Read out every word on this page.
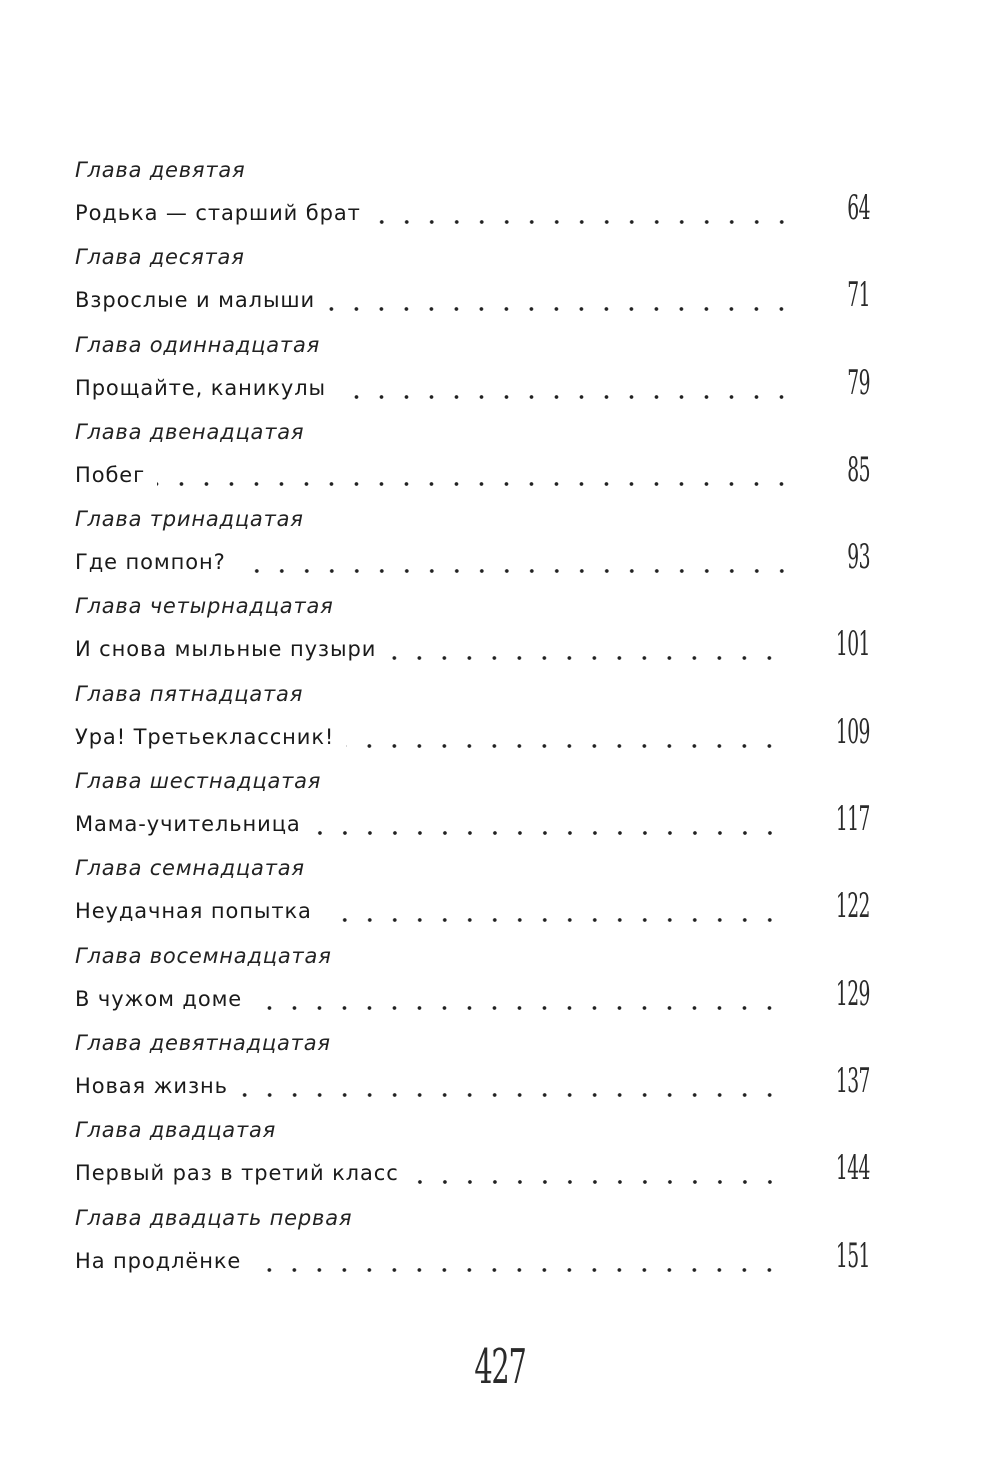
Глава девятая
Родька — старший брат	64
Глава десятая
Взрослые и малыши	71
Глава одиннадцатая
Прощайте, каникулы	79
Глава двенадцатая
Побег	85
Глава тринадцатая
Где помпон?	93
Глава четырнадцатая
И снова мыльные пузыри	101
Глава пятнадцатая
Ура! Третьеклассник!	109
Глава шестнадцатая
Мама-учительница	117
Глава семнадцатая
Неудачная попытка	122
Глава восемнадцатая
В чужом доме	129
Глава девятнадцатая
Новая жизнь	137
Глава двадцатая
Первый раз в третий класс	144
Глава двадцать первая
На продлёнке	151
427
